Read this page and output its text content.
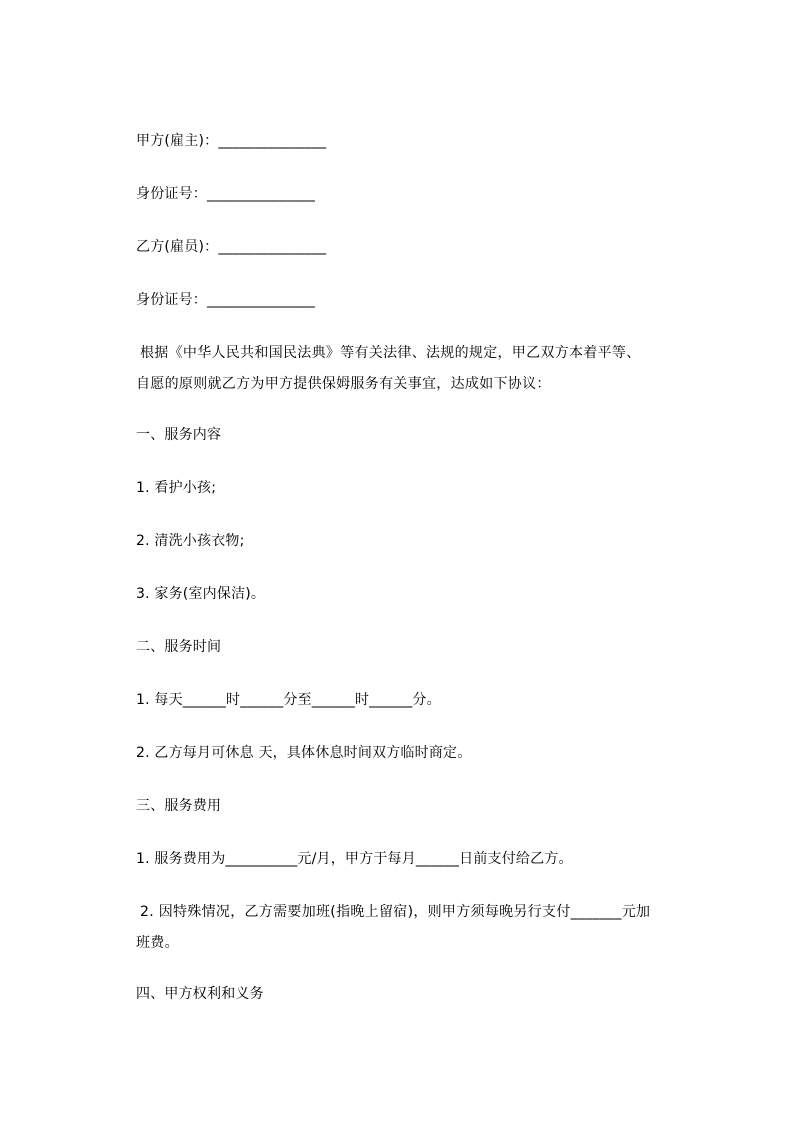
甲方(雇主)：_______________
身份证号：_______________
乙方(雇员)：_______________
身份证号：_______________
根据《中华人民共和国民法典》等有关法律、法规的规定，甲乙双方本着平等、
自愿的原则就乙方为甲方提供保姆服务有关事宜，达成如下协议：
一、服务内容
1. 看护小孩;
2. 清洗小孩衣物;
3. 家务(室内保洁)。
二、服务时间
1. 每天______时______分至______时______分。
2. 乙方每月可休息 天，具体休息时间双方临时商定。
三、服务费用
1. 服务费用为__________元/月，甲方于每月______日前支付给乙方。
2. 因特殊情况，乙方需要加班(指晚上留宿)，则甲方须每晚另行支付_______元加
班费。
四、甲方权利和义务
